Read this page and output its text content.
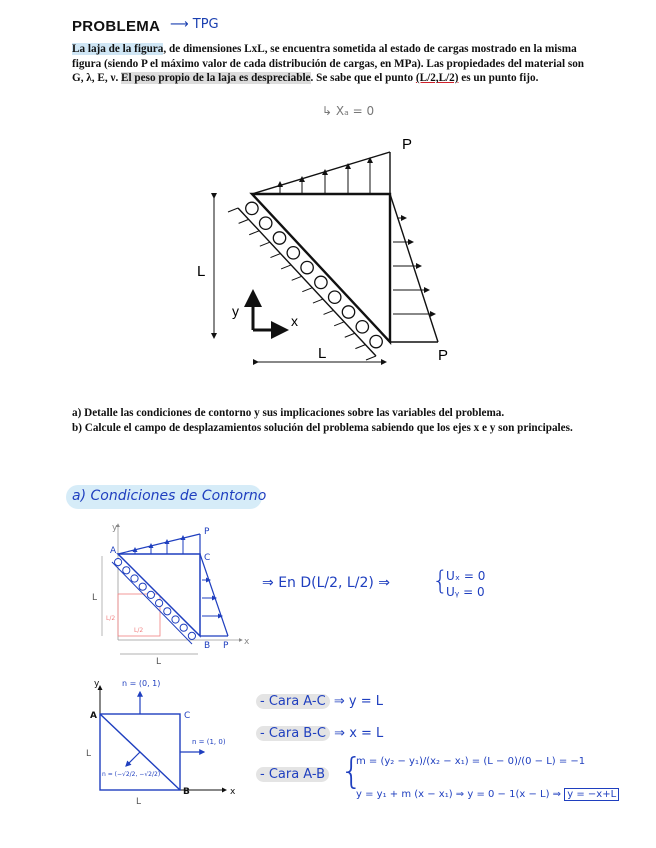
PROBLEMA ⟶ TPG
La laja de la figura, de dimensiones LxL, se encuentra sometida al estado de cargas mostrado en la misma figura (siendo P el máximo valor de cada distribución de cargas, en MPa). Las propiedades del material son G, λ, E, ν. El peso propio de la laja es despreciable. Se sabe que el punto (L/2,L/2) es un punto fijo.
↳ Xₐ = 0
P
P
L
L
y
x
a) Detalle las condiciones de contorno y sus implicaciones sobre las variables del problema.
b) Calcule el campo de desplazamientos solución del problema sabiendo que los ejes x e y son principales.
a) Condiciones de Contorno
A
C
B
P
P
L
L
L/2
L/2
x
y
⇒ En D(L/2, L/2) ⇒ {
Uₓ = 0
Uᵧ = 0
A	C
B
L
L
x
y	n = (0, 1)
n = (1, 0)
n = (−√2/2, −√2/2)
- Cara A-C ⇒ y = L
- Cara B-C ⇒ x = L
- Cara A-B {
m = (y₂ − y₁)/(x₂ − x₁) = (L − 0)/(0 − L) = −1
y = y₁ + m (x − x₁) ⇒ y = 0 − 1(x − L) ⇒ y = −x+L
